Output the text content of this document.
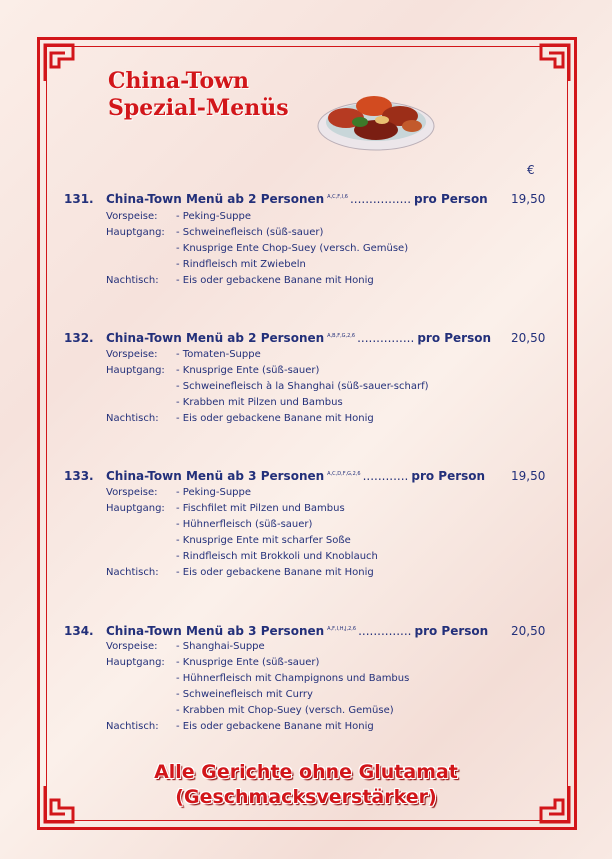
China-Town
Spezial-Menüs
€
131. China-Town Menü ab 2 Personen $^{A,C,F,I,6}$ ................ pro Person 19,50
Vorspeise: - Peking-Suppe
Hauptgang: - Schweinefleisch (süß-sauer)
- Knusprige Ente Chop-Suey (versch. Gemüse)
- Rindfleisch mit Zwiebeln
Nachtisch: - Eis oder gebackene Banane mit Honig
132. China-Town Menü ab 2 Personen $^{A,B,F,G,2,6}$ ............... pro Person 20,50
Vorspeise: - Tomaten-Suppe
Hauptgang: - Knusprige Ente (süß-sauer)
- Schweinefleisch à la Shanghai (süß-sauer-scharf)
- Krabben mit Pilzen und Bambus
Nachtisch: - Eis oder gebackene Banane mit Honig
133. China-Town Menü ab 3 Personen $^{A,C,D,F,G,2,6}$ ............ pro Person 19,50
Vorspeise: - Peking-Suppe
Hauptgang: - Fischfilet mit Pilzen und Bambus
- Hühnerfleisch (süß-sauer)
- Knusprige Ente mit scharfer Soße
- Rindfleisch mit Brokkoli und Knoblauch
Nachtisch: - Eis oder gebackene Banane mit Honig
134. China-Town Menü ab 3 Personen $^{A,F,I,H,J,2,6}$ .............. pro Person 20,50
Vorspeise: - Shanghai-Suppe
Hauptgang: - Knusprige Ente (süß-sauer)
- Hühnerfleisch mit Champignons und Bambus
- Schweinefleisch mit Curry
- Krabben mit Chop-Suey (versch. Gemüse)
Nachtisch: - Eis oder gebackene Banane mit Honig
Alle Gerichte ohne Glutamat
(Geschmacksverstärker)
